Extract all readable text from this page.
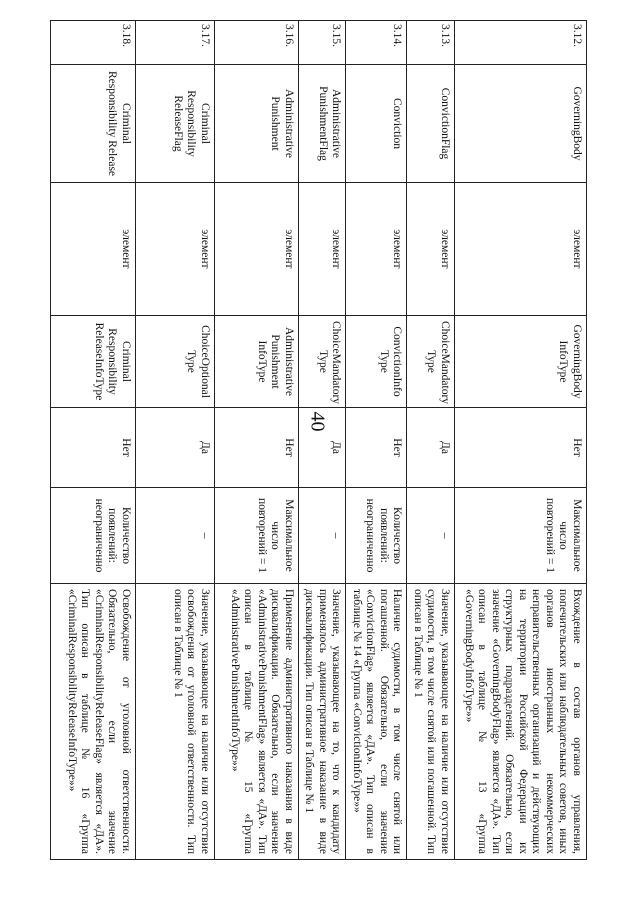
40
3.12.	GoverningBody	элемент	GoverningBody InfoType	Нет	Максимальное число повторений = 1	Вхождение в состав органов управления, попечительских или наблюдательных советов, иных органов иностранных некоммерческих неправительственных организаций и действующих на территории Российской Федерации их структурных подразделений. Обязательно, если значение «GoverningBodyFlag» является «ДА». Тип описан в таблице № 13 «Группа «GoverningBodyInfoType»»
3.13.	ConvictionFlag	элемент	ChoiceMandatory Type	Да	–	Значение, указывающее на наличие или отсутствие судимости, в том числе снятой или погашенной. Тип описан в Таблице № 1
3.14.	Conviction	элемент	ConvictionInfo Type	Нет	Количество появлений: неограниченно	Наличие судимости, в том числе снятой или погашенной. Обязательно, если значение «ConvictionFlag» является «ДА». Тип описан в таблице № 14 «Группа «ConvictionInfoType»»
3.15.	Administrative PunishmentFlag	элемент	ChoiceMandatory Type	Да	–	Значение, указывающее на то, что к кандидату применялось административное наказание в виде дисквалификации. Тип описан в Таблице № 1
3.16.	Administrative Punishment	элемент	Administrative Punishment InfoType	Нет	Максимальное число повторений = 1	Применение административного наказания в виде дисквалификации. Обязательно, если значение «AdministrativePunishmentFlag» является «ДА». Тип описан в таблице № 15 «Группа «AdministrativePunishmentInfoType»»
3.17.	Criminal Responsibility ReleaseFlag	элемент	ChoiceOptional Type	Да	–	Значение, указывающее на наличие или отсутствие освобождения от уголовной ответственности. Тип описан в Таблице № 1
3.18.	Criminal Responsibility Release	элемент	Criminal Responsibility ReleaseInfoType	Нет	Количество появлений: неограниченно	Освобождение от уголовной ответственности. Обязательно, если значение «CriminalResponsibilityReleaseFlag» является «ДА». Тип описан в таблице № 16 «Группа «CriminalResponsibilityReleaseInfoType»»
